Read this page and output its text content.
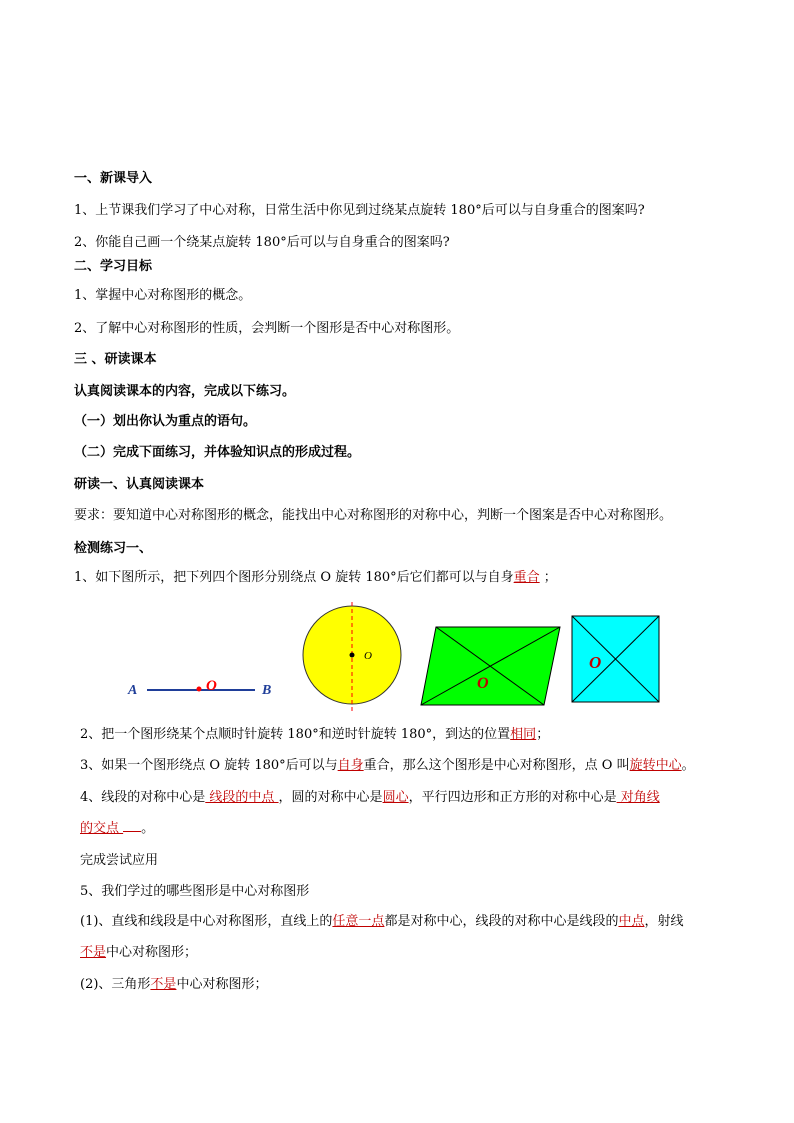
一、新课导入
1、上节课我们学习了中心对称，日常生活中你见到过绕某点旋转 180°后可以与自身重合的图案吗?
2、你能自己画一个绕某点旋转 180°后可以与自身重合的图案吗?
二、学习目标
1、掌握中心对称图形的概念。
2、了解中心对称图形的性质，会判断一个图形是否中心对称图形。
三 、研读课本
认真阅读课本的内容，完成以下练习。
（一）划出你认为重点的语句。
（二）完成下面练习，并体验知识点的形成过程。
研读一、认真阅读课本
要求：要知道中心对称图形的概念，能找出中心对称图形的对称中心，判断一个图案是否中心对称图形。
检测练习一、
1、如下图所示，把下列四个图形分别绕点 O 旋转 180°后它们都可以与自身重合 ；
A	O	B
O
O
O
2、把一个图形绕某个点顺时针旋转 180°和逆时针旋转 180°，到达的位置相同；
3、如果一个图形绕点 O 旋转 180°后可以与自身重合，那么这个图形是中心对称图形，点 O 叫旋转中心。
4、线段的对称中心是 线段的中点 ，圆的对称中心是圆心，平行四边形和正方形的对称中心是 对角线
的交点 。
完成尝试应用
5、我们学过的哪些图形是中心对称图形
(1)、直线和线段是中心对称图形，直线上的任意一点都是对称中心，线段的对称中心是线段的中点，射线
不是中心对称图形；
(2)、三角形不是中心对称图形；
